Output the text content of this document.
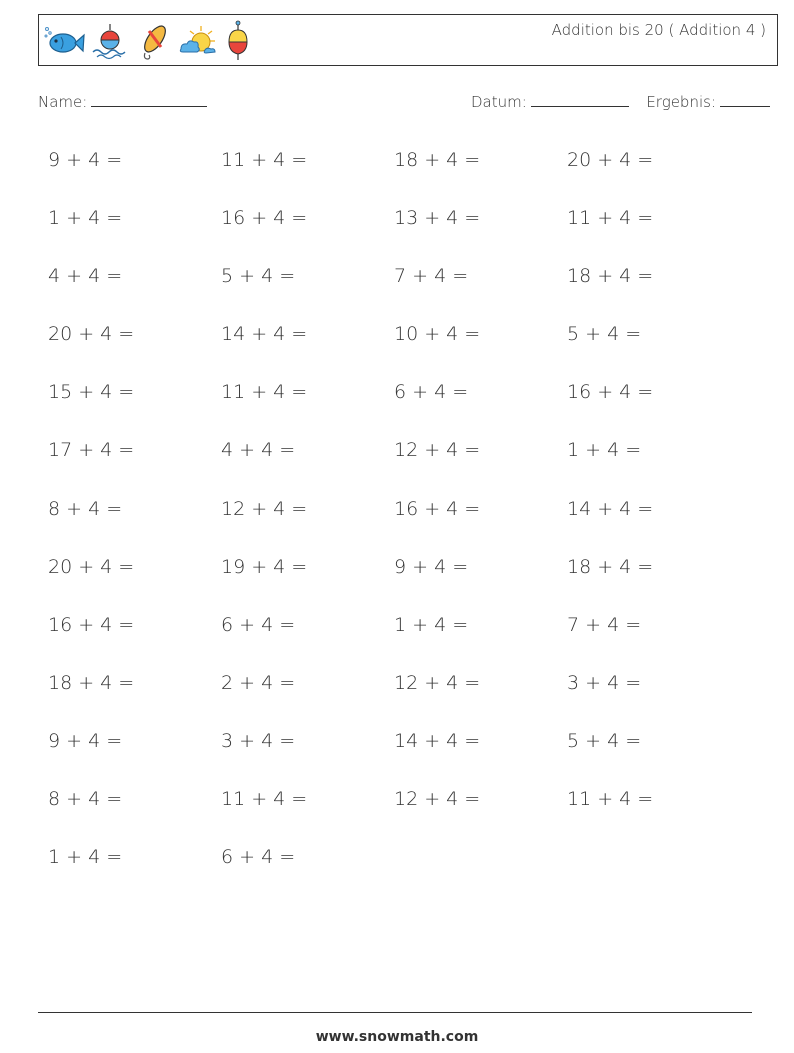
Addition bis 20 ( Addition 4 )
Name:	Datum:	Ergebnis:
9 + 4 =	11 + 4 =	18 + 4 =	20 + 4 =
1 + 4 =	16 + 4 =	13 + 4 =	11 + 4 =
4 + 4 =	5 + 4 =	7 + 4 =	18 + 4 =
20 + 4 =	14 + 4 =	10 + 4 =	5 + 4 =
15 + 4 =	11 + 4 =	6 + 4 =	16 + 4 =
17 + 4 =	4 + 4 =	12 + 4 =	1 + 4 =
8 + 4 =	12 + 4 =	16 + 4 =	14 + 4 =
20 + 4 =	19 + 4 =	9 + 4 =	18 + 4 =
16 + 4 =	6 + 4 =	1 + 4 =	7 + 4 =
18 + 4 =	2 + 4 =	12 + 4 =	3 + 4 =
9 + 4 =	3 + 4 =	14 + 4 =	5 + 4 =
8 + 4 =	11 + 4 =	12 + 4 =	11 + 4 =
1 + 4 =	6 + 4 =
www.snowmath.com
